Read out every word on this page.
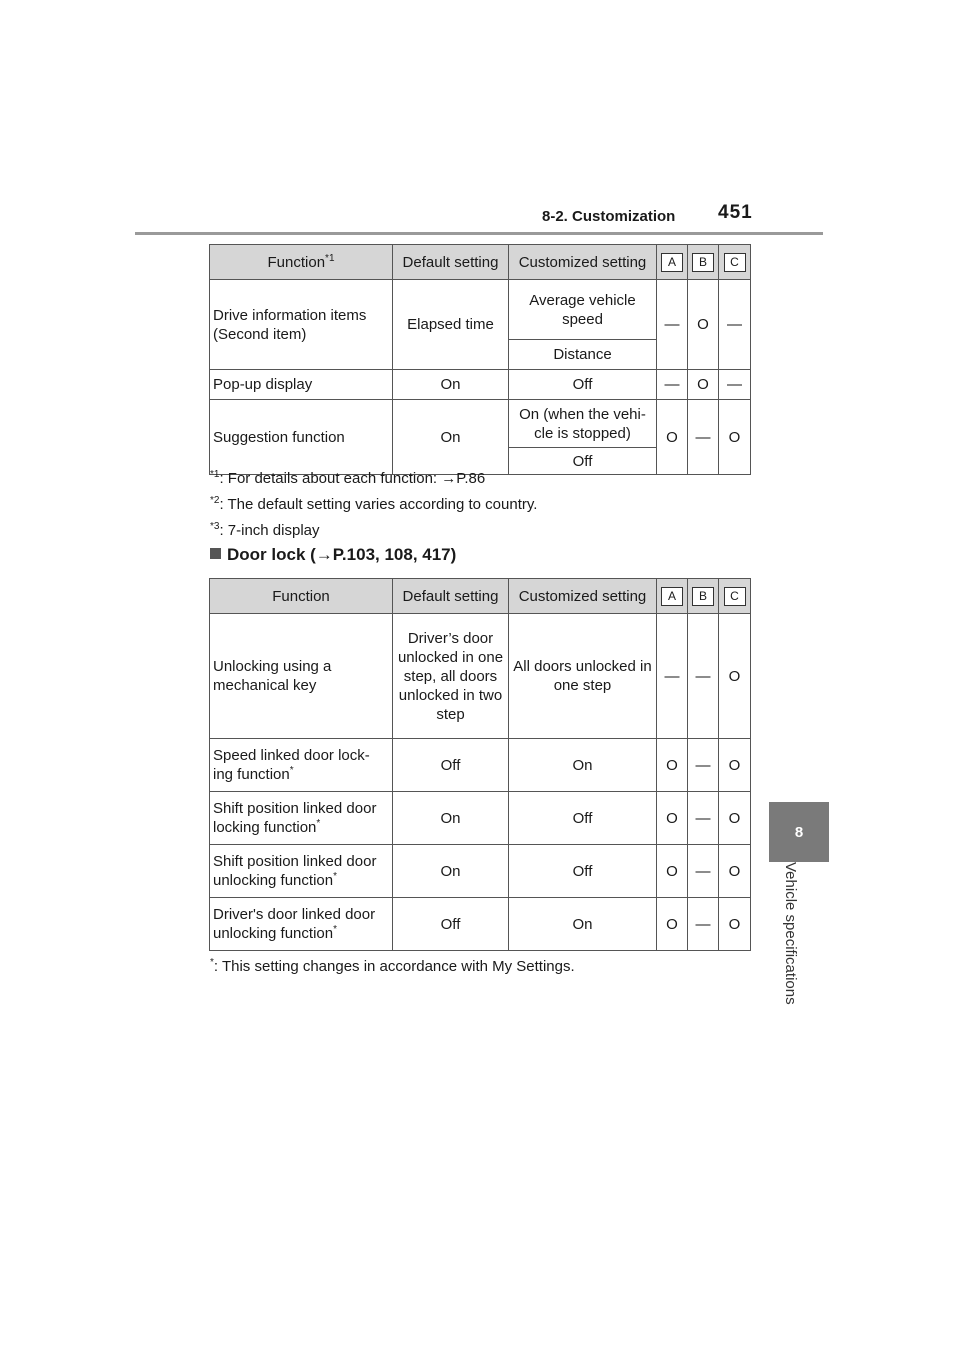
8-2. Customization 451
8
Vehicle specifications
Function$^{*1}$	Default setting	Customized setting	A	B	C
Drive information items (Second item)	Elapsed time	Average vehicle speed	—	O	—
		Distance			
Pop-up display	On	Off	—	O	—
Suggestion function	On	On (when the vehi-cle is stopped)	O	—	O
		Off			
$^{*1}$: For details about each function: →P.86
$^{*2}$: The default setting varies according to country.
$^{*3}$: 7-inch display
Door lock (→P.103, 108, 417)
Function	Default setting	Customized setting	A	B	C
Unlocking using a mechanical key	Driver’s door unlocked in one step, all doors unlocked in two step	All doors unlocked in one step	—	—	O
Speed linked door lock-ing function*	Off	On	O	—	O
Shift position linked door locking function*	On	Off	O	—	O
Shift position linked door unlocking function*	On	Off	O	—	O
Driver's door linked door unlocking function*	Off	On	O	—	O
*: This setting changes in accordance with My Settings.
